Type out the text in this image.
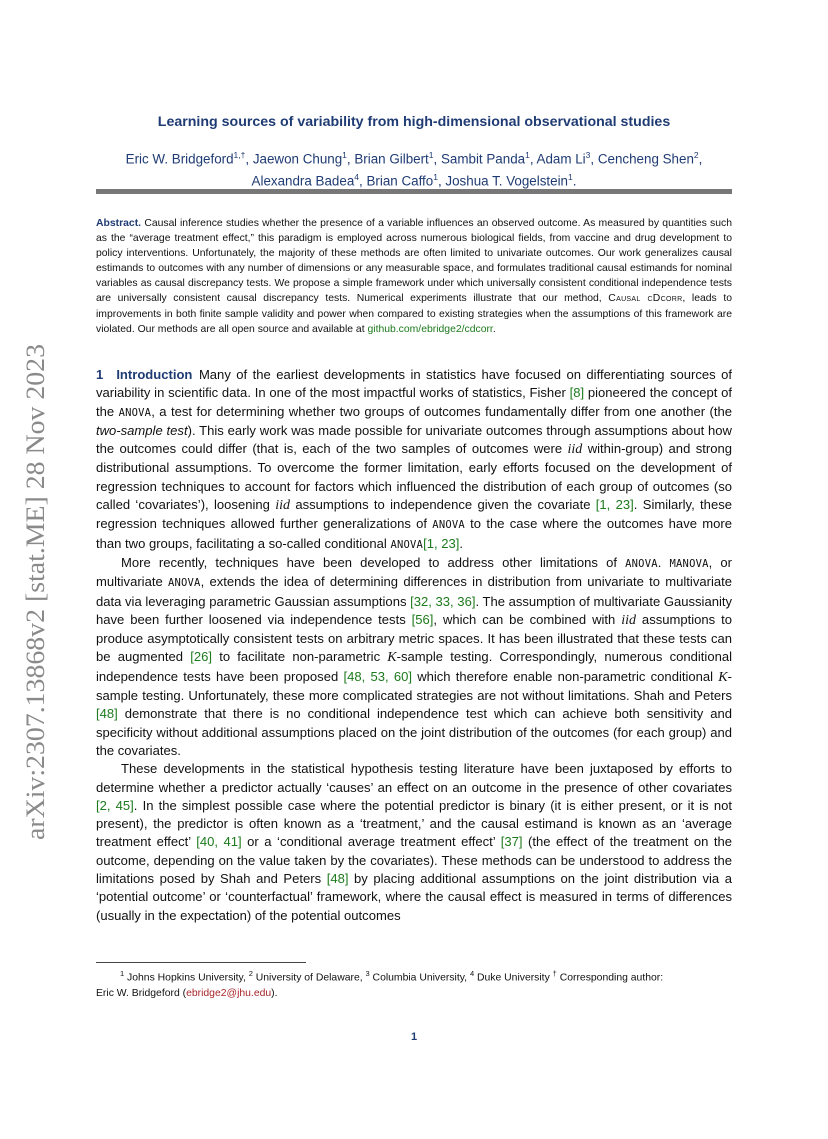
arXiv:2307.13868v2 [stat.ME] 28 Nov 2023
Learning sources of variability from high-dimensional observational studies
Eric W. Bridgeford$^{1,\dagger}$, Jaewon Chung$^1$, Brian Gilbert$^1$, Sambit Panda$^1$, Adam Li$^3$, Cencheng Shen$^2$, Alexandra Badea$^4$, Brian Caffo$^1$, Joshua T. Vogelstein$^1$.
Abstract. Causal inference studies whether the presence of a variable influences an observed outcome. As measured by quantities such as the “average treatment effect,” this paradigm is employed across numerous biological fields, from vaccine and drug development to policy interventions. Unfortunately, the majority of these methods are often limited to univariate outcomes. Our work generalizes causal estimands to outcomes with any number of dimensions or any measurable space, and formulates traditional causal estimands for nominal variables as causal discrepancy tests. We propose a simple framework under which universally consistent conditional independence tests are universally consistent causal discrepancy tests. Numerical experiments illustrate that our method, Causal cDcorr, leads to improvements in both finite sample validity and power when compared to existing strategies when the assumptions of this framework are violated. Our methods are all open source and available at github.com/ebridge2/cdcorr.

1  Introduction  Many of the earliest developments in statistics have focused on differentiating sources of variability in scientific data. In one of the most impactful works of statistics, Fisher [8] pioneered the concept of the ANOVA, a test for determining whether two groups of outcomes fundamentally differ from one another (the two-sample test). This early work was made possible for univariate outcomes through assumptions about how the outcomes could differ (that is, each of the two samples of outcomes were iid within-group) and strong distributional assumptions. To overcome the former limitation, early efforts focused on the development of regression techniques to account for factors which influenced the distribution of each group of outcomes (so called ‘covariates’), loosening iid assumptions to independence given the covariate [1, 23]. Similarly, these regression techniques allowed further generalizations of ANOVA to the case where the outcomes have more than two groups, facilitating a so-called conditional ANOVA[1, 23].

More recently, techniques have been developed to address other limitations of ANOVA. MANOVA, or multivariate ANOVA, extends the idea of determining differences in distribution from univariate to multivariate data via leveraging parametric Gaussian assumptions [32, 33, 36]. The assumption of multivariate Gaussianity have been further loosened via independence tests [56], which can be combined with iid assumptions to produce asymptotically consistent tests on arbitrary metric spaces. It has been illustrated that these tests can be augmented [26] to facilitate non-parametric K-sample testing. Correspondingly, numerous conditional independence tests have been proposed [48, 53, 60] which therefore enable non-parametric conditional K-sample testing. Unfortunately, these more complicated strategies are not without limitations. Shah and Peters [48] demonstrate that there is no conditional independence test which can achieve both sensitivity and specificity without additional assumptions placed on the joint distribution of the outcomes (for each group) and the covariates.

These developments in the statistical hypothesis testing literature have been juxtaposed by efforts to determine whether a predictor actually ‘causes’ an effect on an outcome in the presence of other covariates [2, 45]. In the simplest possible case where the potential predictor is binary (it is either present, or it is not present), the predictor is often known as a ‘treatment,’ and the causal estimand is known as an ‘average treatment effect’ [40, 41] or a ‘conditional average treatment effect’ [37] (the effect of the treatment on the outcome, depending on the value taken by the covariates). These methods can be understood to address the limitations posed by Shah and Peters [48] by placing additional assumptions on the joint distribution via a ‘potential outcome’ or ‘counterfactual’ framework, where the causal effect is measured in terms of differences (usually in the expectation) of the potential outcomes

$^1$ Johns Hopkins University, $^2$ University of Delaware, $^3$ Columbia University, $^4$ Duke University † Corresponding author:
Eric W. Bridgeford (ebridge2@jhu.edu).
1
